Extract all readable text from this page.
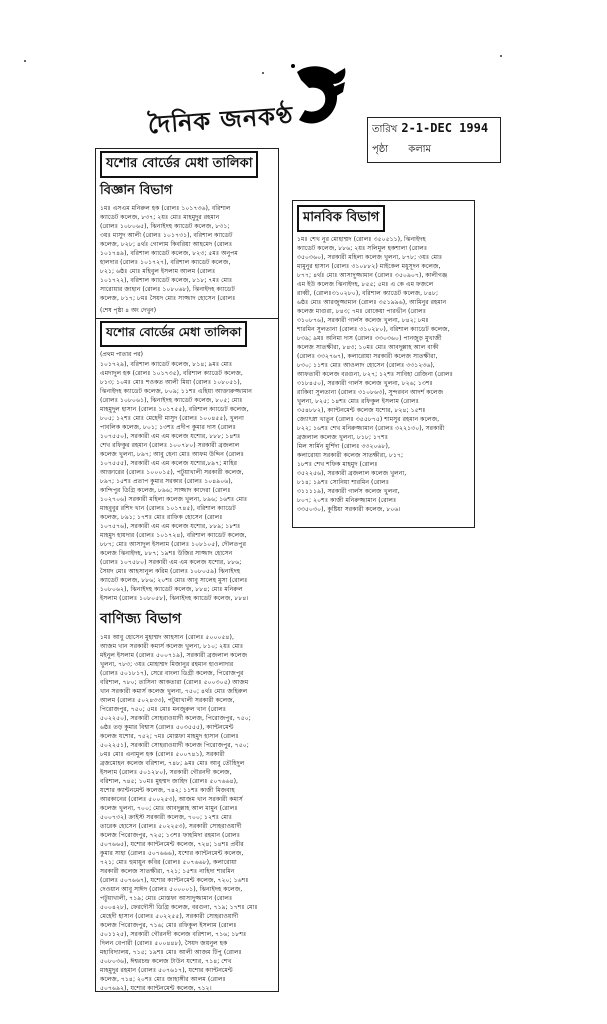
দৈনিক জনকণ্ঠ	তারিখ 2-1-DEC 1994
পৃষ্ঠা কলাম
যশোর বোর্ডের মেধা তালিকা
বিজ্ঞান বিভাগ
১মঃ এসএম মনিরুল হক (রোলঃ ১০১৭৩৬), বরিশাল
ক্যাডেট কলেজ, ৮৩৭; ২য়ঃ মোঃ মাহমুদুর রহমান
(রোলঃ ১০৮০৬৫), ঝিনাইদহ ক্যাডেট কলেজ, ৮৩১;
৩য়ঃ মাসুদ আলী (রোলঃ ১০১৭৩১), বরিশাল ক্যাডেট
কলেজ, ৮২৮; ৪র্থঃ গোলাম কিবরিয়া আহমেদ (রোলঃ
১০১৭৪৯), বরিশাল ক্যাডেট কলেজ, ৮২৩; ৫মঃ অনুপম
হালদার (রোলঃ ১০১৭২৭), বরিশাল ক্যাডেট কলেজ,
৮২১; ৬ষ্ঠঃ মোঃ মহিবুল ইসলাম আলম (রোলঃ
১০১৭২২), বরিশাল ক্যাডেট কলেজ, ৮১৮; ৭মঃ মোঃ
সারোয়ার জাহান (রোলঃ ১০৮০৬৮), ঝিনাইদহ ক্যাডেট
কলেজ, ৮১৭; ৮মঃ সৈয়দ মোঃ সাজ্জাদ হোসেন (রোলঃ
(শেষ পৃষ্ঠা ৪ অং দেখুন)
যশোর বোর্ডের মেধা তালিকা
(প্রথম পাতার পর)
১০১৭২৯), বরিশাল ক্যাডেট কলেজ, ৮১৪; ৯মঃ মোঃ
এমদাদুল হক (রোলঃ ১০১৭৩৫), বরিশাল ক্যাডেট কলেজ,
৮১৩; ১০মঃ মোঃ শওকত আলী মিয়া (রোলঃ ১০৮০৫১),
ঝিনাইদহ ক্যাডেট কলেজ, ৮০৯; ১১শঃ এহিয়া আক্তারুজ্জামান
(রোলঃ ১০৮০৬১), ঝিনাইদহ ক্যাডেট কলেজ, ৮০৫; মোঃ
মাহমুদুল হাসান (রোলঃ ১০১৭৫৫), বরিশাল ক্যাডেট কলেজ,
৮০৫; ১২শঃ মোঃ মেহেদী মাসুদ (রোলঃ ১০০৪৫৫), খুলনা
পাবলিক কলেজ, ৮০১; ১৩শঃ প্রদীপ কুমার দাস (রোলঃ
১০৭৫৫০), সরকারী এম এম কলেজ যশোর, ৮৮৮; ১৪শঃ
শেখ রফিকুর রহমান (রোলঃ ১০০৭৮০) সরকারী ব্রজলাল
কলেজ খুলনা, ৮৯৭; আবু হেনা মোঃ আফম উদ্দিন (রোলঃ
১০৭৫৫৫), সরকারী এম এম কলেজ যশোর,৮৯৭; মাহির
আক্তারের (রোলঃ ১০০০১৫), পটুয়াখালী সরকারী কলেজ,
৮৯৭; ১৫শঃ প্রতাপ কুমার সরকার (রোলঃ ১০৪৯০৬),
কান্দিপুর ডিগ্রি কলেজ, ৮৯৬; সাজ্জাদ কাদেরা (রোলঃ
১০২৭০৬) সরকারী মহিলা কলেজ খুলনা, ৮৯৬; ১৬শঃ মোঃ
মাহবুবুর রশিদ খান (রোলঃ ১০১৭৪৫), বরিশাল ক্যাডেট
কলেজ, ৮৯১; ১৭শঃ মোঃ রাফিক হোসেন (রোলঃ
১০৭৫৭৬), সরকারী এম এম কলেজ যশোর, ৮৮৯; ১৮শঃ
মাহমুদ হায়দার (রোলঃ ১০১৭২৪), বরিশাল ক্যাডেট কলেজ,
৮৮৭; মোঃ আসাদুল ইসলাম (রোলঃ ১০৮১০৫), দৌলতপুর
কলেজ ঝিনাইদহ, ৮৮৭; ১৯শঃ উজির সাজ্জাদ হোসেন
(রোলঃ ১০৭৫৮০) সরকারী এম এম কলেজ যশোর, ৮৮৬;
সৈয়দ মোঃ আহসানুল করিম (রোলঃ ১০৮০৫৯) ঝিনাইদহ
ক্যাডেট কলেজ, ৮৮৬; ২০শঃ মোঃ আবু সালেহ মুসা (রোলঃ
১০৮০৬২), ঝিনাইদহ ক্যাডেট কলেজ, ৮৮৪; মোঃ মনিরুল
ইসলাম (রোলঃ ১০৮০৫৮), ঝিনাইদহ ক্যাডেট কলেজ, ৮৮৪।
বাণিজ্য বিভাগ
১মঃ আবু হোসেন মুহাম্মদ আহসান (রোলঃ ৫০০০৫৪),
আজম খান সরকারী কমার্স কলেজ খুলনা, ৮১০; ২য়ঃ মোঃ
মইনুল ইসলাম (রোলঃ ৫০০৭১৯), সরকারী ব্রজলাল কলেজ
খুলনা, ৭৮৩; ৩য়ঃ মোহাম্মদ মিজানুর রহমান হাওলাদার
(রোলঃ ৫০১৮১৭), সেরে বাংলা ডিগ্রী কলেজ, পিরোজপুর
বরিশাল, ৭৮০; তাসিনা আকতারা (রোলঃ ৫০০৩০৫) আজম
খান সরকারী কমার্স কলেজ খুলনা, ৭৫০; ৪র্থঃ মোঃ জহিরুল
আলম (রোলঃ ৫০২৪৩৩), পটুয়াখালী সরকারী কলেজ,
পিরোজপুর, ৭৫০; ৫মঃ মোঃ মনজুরুল খান (রোলঃ
৫০২২৫০), সরকারী সোহরাওয়ার্দী কলেজ, পিরোজপুর, ৭৫০;
৬ষ্ঠঃ তড় কুমার বিশ্বাস (রোলঃ ৫০৩৫৫৫), ক্যান্টনমেন্ট
কলেজ যশোর, ৭৫২; ৭মঃ মোস্তফা মাহমুদ হাসান (রোলঃ
৫০২২৫১), সরকারী সোহরাওয়ার্দী কলেজ পিরোজপুর, ৭৫০;
৮মঃ মোঃ এনামুল হক (রোলঃ ৫০০৭৪১), সরকারী
ব্রজমোহন কলেজ বরিশাল, ৭৪৮; ৯মঃ মোঃ আবু তৌহিদুল
ইসলাম (রোলঃ ৫০১২৮০), সরকারী গৌরনদী কলেজ,
বরিশাল, ৭৪৫; ১০মঃ মুহম্মদ জাহিদ (রোলঃ ৫০৭৬৬৪),
যশোর ক্যান্টনমেন্ট কলেজ, ৭৪২; ১১শঃ কাজী মিজবাহ
আরকানের (রোলঃ ৫০০২৫৩), আজম খান সরকারী কমার্স
কলেজ খুলনা, ৭০০; মোঃ আবদুল্লাহ আল মামুন (রোলঃ
৫০০৭৩২) ক্রাইস্ট সরকারী কলেজ, ৭০০; ১২শঃ মোঃ
তারেক হোসেন (রোলঃ ৫০২২৫৩), সরকারী সোহরাওয়ার্দী
কলেজ পিরোজপুর, ৭২৫; ১৩শঃ ফাহমিদা রহমান (রোলঃ
৫০৭৬৬৫), যশোর ক্যান্টনমেন্ট কলেজ, ৭২৪; ১৪শঃ প্রবীর
কুমার সাহা (রোলঃ ৫০৭৬৬৬), যশোর ক্যান্টনমেন্ট কলেজ,
৭২১; মোঃ হুমায়ুন কবির (রোলঃ ৫০৭৬৬৮), কলারোয়া
সরকারী কলেজ সাতক্ষীরা, ৭২১; ১৫শঃ নাহিদা শারমিন
(রোলঃ ৫০৭৬৬৭), যশোর ক্যান্টনমেন্ট কলেজ, ৭২০; ১৬শঃ
দেওয়ান আবু সাঈদ (রোলঃ ৫০০০০১), ঝিনাইদহ কলেজ,
পটুয়াখালী, ৭১৯; মোঃ মোস্তফা আসাদুজ্জামান (রোলঃ
৫০০৪২৮), ফেরদৌসী ডিগ্রি কলেজ, বরগুনা, ৭১৯; ১৭শঃ মোঃ
মেহেদী হাসান (রোলঃ ৫০২২৫৫), সরকারী সোহরাওয়ার্দী
কলেজ পিরোজপুর, ৭১৬; মোঃ রফিকুল ইসলাম (রোলঃ
৫০১১২৫), সরকারী গৌরনদী কলেজ বরিশাল, ৭১৬; ১৮শঃ
দিলন বেপারী (রোলঃ ৫০০৪৪৮), সৈয়দ জয়নুল হক
মহাবিদ্যালয়, ৭১৫; ১৯শঃ মোঃ আলী আজম টিপু (রোলঃ
৫০৮০৩৬), ঈশ্বরচন্দ্র কলেজ টাউন যশোর, ৭১৪; শেখ
মাহমুদুর রহমান (রোলঃ ৫০৭৬১৭), যশোর ক্যান্টনমেন্ট
কলেজ, ৭১৪; ২০শঃ মোঃ জাহাঙ্গীর আলম (রোলঃ
৫০৭৬৯২), যশোর ক্যান্টনমেন্ট কলেজ, ৭১২।
মানবিক বিভাগ
১মঃ শেখ নুর মোহাম্মদ (রোলঃ ৩৫০৫১১), ঝিনাইদহ
ক্যাডেট কলেজ, ৮৮৬; ২য়ঃ সলিমুল হকশালা (রোলঃ
৩৫০৩৬০), সরকারী মহিলা কলেজ খুলনা, ৮৭৮; ৩য়ঃ মোঃ
মামুনুর হাসান (রোলঃ ৩১০৮৮২) মাইকেল মধুসূদন কলেজ,
৮৭৭; ৪র্থঃ মোঃ আসাদুজ্জামান (রোলঃ ৩৫০৯০৭), কালীগঞ্জ
এম ইউ কলেজ ঝিনাইদহ, ৮৫৫; ৫মঃ এ কে এম ফজলে
রাব্বী, (রোলঃ৩১০২৮০), বরিশাল ক্যাডেট কলেজ, ৮৪৮;
৬ষ্ঠঃ মোঃ আরজুজ্জামান (রোলঃ ৩৫১৯৯৬), আমিনুর রহমান
কলেজ মাগুরা, ৮৪৩; ৭মঃ রোকেয়া পারভীন (রোলঃ
৩১০৮৭৬), সরকারী গার্লস কলেজ খুলনা, ৮৪২; ৮মঃ
শারমিন সুলতানা (রোলঃ ৩১০২৮০), বরিশাল ক্যাডেট কলেজ,
৮৩৯; ৯মঃ অনিমা দাস (রোলঃ ৩৩০৩৬০) পানজুড় মুখার্জী
কলেজ সাতক্ষীরা, ৮৪৩; ১০মঃ মোঃ আবদুল্লাহ আল বাকী
(রোলঃ ৩৩২৭৬৭), কলারোয়া সরকারী কলেজ সাতক্ষীরা,
৮৩০; ১১শঃ মোঃ আওলাদ হোসেন (রোলঃ ৩৩১২৩৬),
আফতাবী কলেজ বরগুনা, ৮২৭; ১২শঃ সাবিহা রেজিনা (রোলঃ
৩১৮৪৫০), সরকারী গার্লস কলেজ খুলনা, ৮২৬; ১৩শঃ
রাকিবা সুলতানা (রোলঃ ৩১০৮৬৩), সুন্দরবন আদর্শ কলেজ
খুলনা, ৮২৫; ১৪শঃ মোঃ রফিকুল ইসলাম (রোলঃ
৩৫৪৮৮২), ক্যান্টনমেন্ট কলেজ যশোর, ৮২৪; ১৫শঃ
জ্যোৎস্না খাতুন (রোলঃ ৩৫৫৮৭৫) শামসুর রহমান কলেজ,
৮২২; ১৬শঃ শেখ মনিরুজ্জামান (রোলঃ ৩২২১৩০), সরকারী
ব্রজলাল কলেজ খুলনা, ৮১৮; ১৭শঃ
মিল সার্মিন মুর্শিদা (রোলঃ ৩৩২০৬৮),
কলারোয়া সরকারী কলেজ সাতক্ষীরা, ৮১৭;
১৮শঃ শেখ শফিক মাহমুদ (রোলঃ
৩৫২২৫৬), সরকারী ব্রজলাল কলেজ খুলনা,
৮১৪; ১৯শঃ সোনিয়া শারমিন (রোলঃ
৩১১১১৯), সরকারী গার্লস কলেজ খুলনা,
৮০৭; ২০শঃ কাজী মনিরুজ্জামান (রোলঃ
৩৩৫০৩০), কুষ্টিয়া সরকারী কলেজ, ৮০৬।
